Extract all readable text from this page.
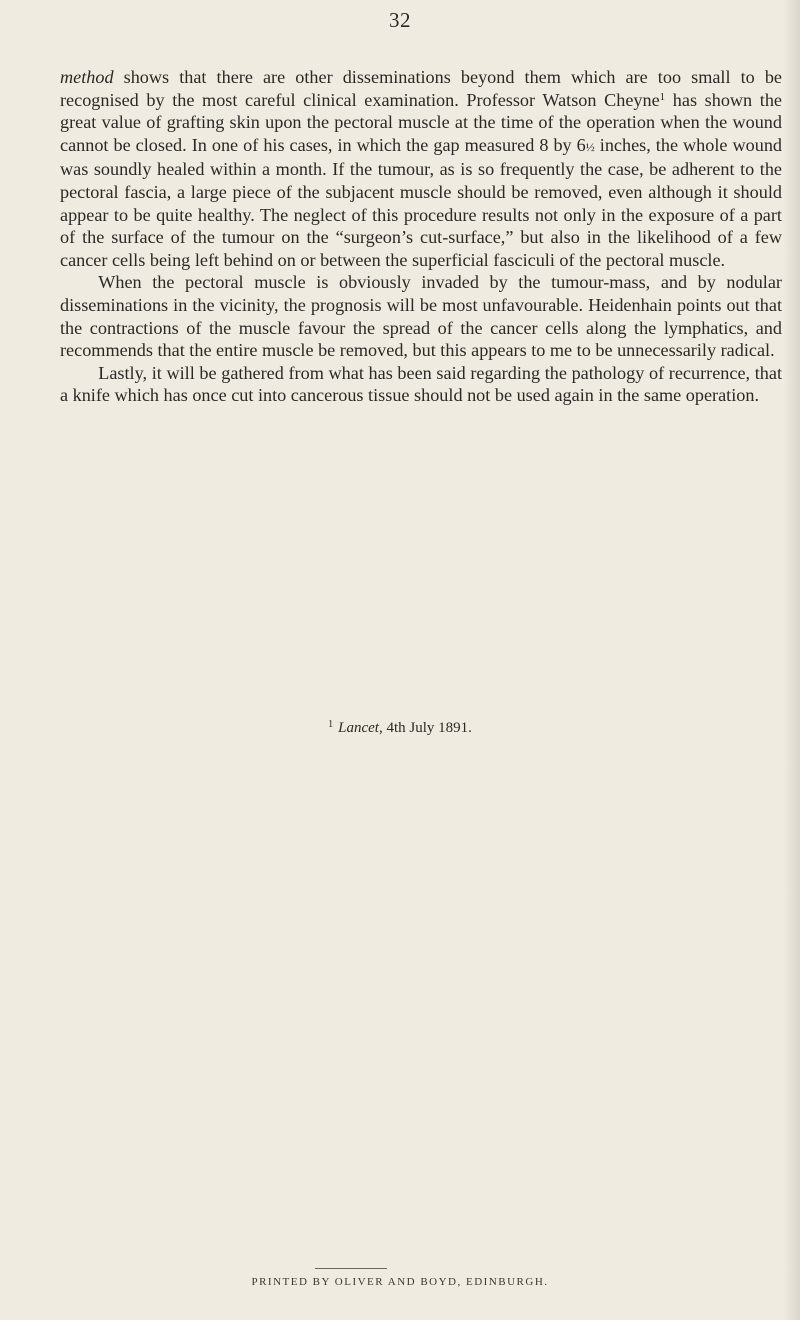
32

method shows that there are other disseminations beyond them which are too small to be recognised by the most careful clinical examination. Professor Watson Cheyne$^1$ has shown the great value of grafting skin upon the pectoral muscle at the time of the operation when the wound cannot be closed. In one of his cases, in which the gap measured 8 by 6½ inches, the whole wound was soundly healed within a month. If the tumour, as is so frequently the case, be adherent to the pectoral fascia, a large piece of the subjacent muscle should be removed, even although it should appear to be quite healthy. The neglect of this procedure results not only in the exposure of a part of the surface of the tumour on the “surgeon’s cut-surface,” but also in the likelihood of a few cancer cells being left behind on or between the superficial fasciculi of the pectoral muscle.

When the pectoral muscle is obviously invaded by the tumour-mass, and by nodular disseminations in the vicinity, the prognosis will be most unfavourable. Heidenhain points out that the contractions of the muscle favour the spread of the cancer cells along the lymphatics, and recommends that the entire muscle be removed, but this appears to me to be unnecessarily radical.

Lastly, it will be gathered from what has been said regarding the pathology of recurrence, that a knife which has once cut into cancerous tissue should not be used again in the same operation.

$^1$ Lancet, 4th July 1891.
PRINTED BY OLIVER AND BOYD, EDINBURGH.
